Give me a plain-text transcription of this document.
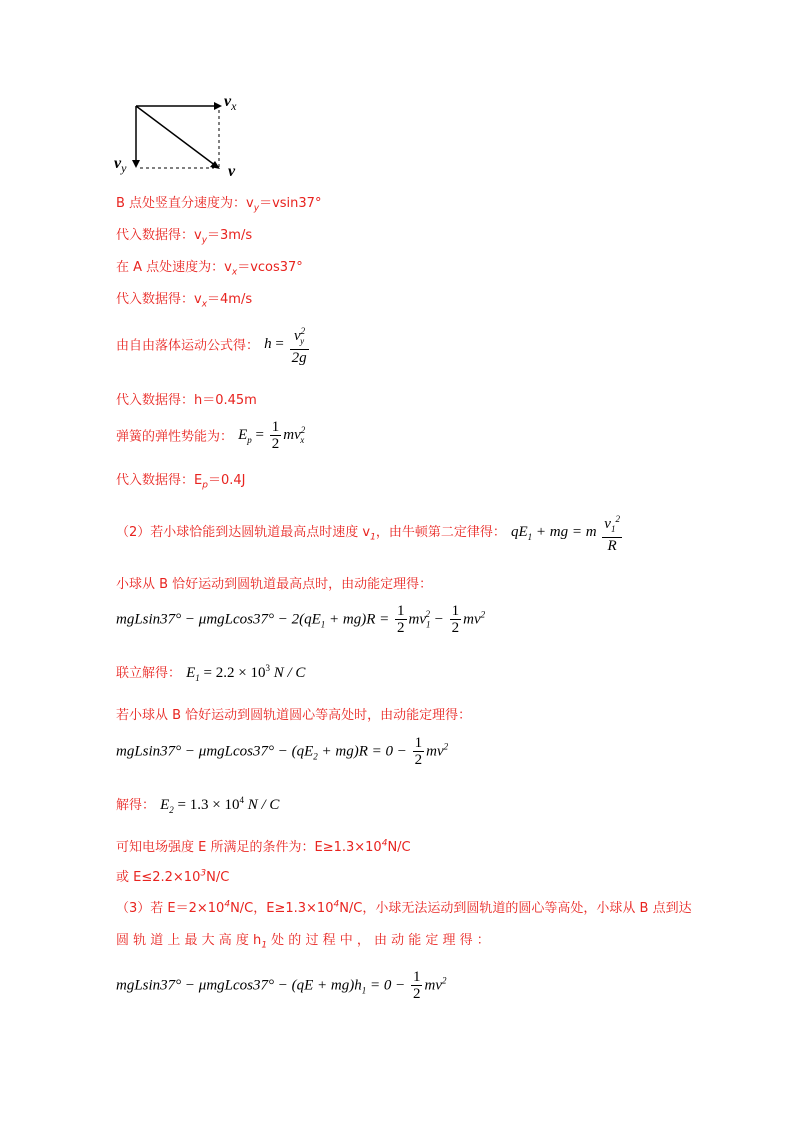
$v_x$
$v_y$	v
B 点处竖直分速度为：$v_y=vsin37^\circ$
代入数据得：$v_y=3m/s$
在 A 点处速度为：$v_x=vcos37^\circ$
代入数据得：$v_x=4m/s$
由自由落体运动公式得： $h = \frac{v^2_y}{2g}$
代入数据得：h＝0.45m
弹簧的弹性势能为： $E_p = \frac{1}{2} mv^2_x$
代入数据得：$E_p=0.4J$
（2）若小球恰能到达圆轨道最高点时速度 $v_1$，由牛顿第二定律得： $qE_1$ + mg = m $\frac{v_1^2}{R}$
小球从 B 恰好运动到圆轨道最高点时，由动能定理得：
$mgLsin37^\circ - \mu mgLcos37^\circ - 2(qE_1 + mg)R = \frac{1}{2} mv_1^2 - \frac{1}{2} mv^2$
联立解得： $E_1 = 2.2 \times 10^3$ N / C
若小球从 B 恰好运动到圆轨道圆心等高处时，由动能定理得：
$mgLsin37^\circ - \mu mgLcos37^\circ - (qE_2 + mg)R = 0 - \frac{1}{2} mv^2$
解得： $E_2 = 1.3 \times 10^4$ N / C
可知电场强度 E 所满足的条件为：$E\ge 1.3\times 10^4N/C$
或 $E\le 2.2\times 10^3N/C$
（3）若 $E=2\times 10^4N/C$，$E\ge 1.3\times 10^4N/C$，小球无法运动到圆轨道的圆心等高处，小球从 B 点到达
圆 轨 道 上 最 大 高 度 $h_1$ 处 的 过 程 中 ， 由 动 能 定 理 得 ：
$mgLsin37^\circ - \mu mgLcos37^\circ - (qE + mg)h_1 = 0 - \frac{1}{2} mv^2$
